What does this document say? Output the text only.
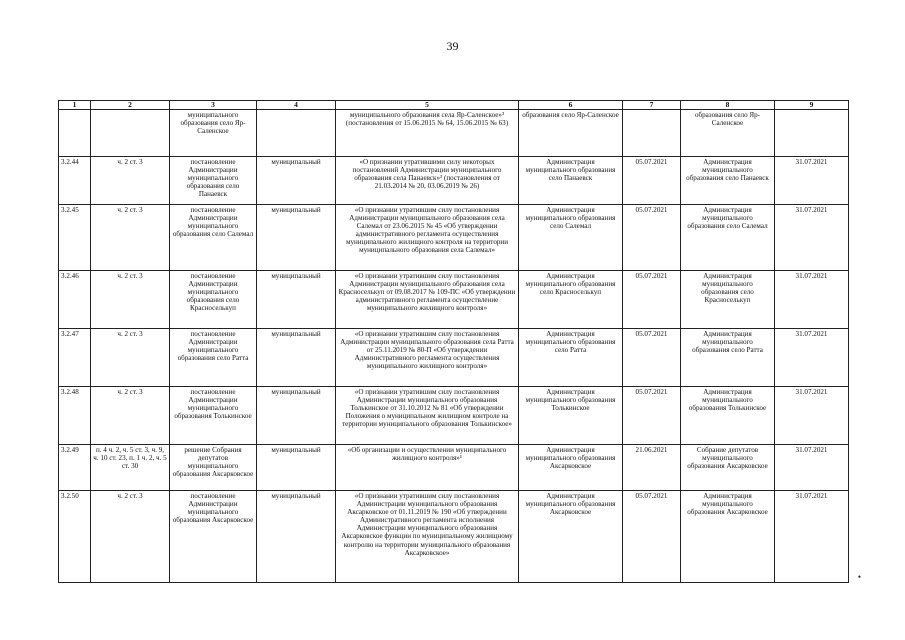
39
1	2	3	4	5	6	7	8	9
		муниципального образования село Яр-Сале́нское		муниципального образования села Яр-Саленское»³ (постановления от 15.06.2015 № 64, 15.06.2015 № 63)	образования село Яр-Саленское		образования село Яр-Саленское	
3.2.44	ч. 2 ст. 3	постановление Администрации муниципального образования село Панаевск	муниципальный	«О признании утратившими силу некоторых постановлений Администрации муниципального образования села Панаевск»³ (постановления от 21.03.2014 № 20, 03.06.2019 № 26)	Администрация муниципального образования село Панаевск	05.07.2021	Администрация муниципального образования село Панаевск	31.07.2021
3.2.45	ч. 2 ст. 3	постановление Администрации муниципального образования село Салемал	муниципальный	«О признании утратившим силу постановления Администрации муниципального образования села Салемал от 23.06.2015 № 45 «Об утверждении административного регламента осуществления муниципального жилищного контроля на территории муниципального образования села Салемал»	Администрация муниципального образования село Салемал	05.07.2021	Администрация муниципального образования село Салемал	31.07.2021
3.2.46	ч. 2 ст. 3	постановление Администрации муниципального образования село Красноселькуп	муниципальный	«О признании утратившим силу постановления Администрации муниципального образования села Красноселькуп от 09.08.2017 № 109-ПС «Об утверждении административного регламента осуществление муниципального жилищного контроля»	Администрация муниципального образования село Красноселькуп	05.07.2021	Администрация муниципального образования село Красноселькуп	31.07.2021
3.2.47	ч. 2 ст. 3	постановление Администрации муниципального образования село Ратта	муниципальный	«О признании утратившим силу постановления Администрации муниципального образования села Ратта от 25.11.2019 № 80-П «Об утверждении Административного регламента осуществления муниципального жилищного контроля»	Администрация муниципального образования село Ратта	05.07.2021	Администрация муниципального образования село Ратта	31.07.2021
3.2.48	ч. 2 ст. 3	постановление Администрации муниципального образования Толькинское	муниципальный	«О признании утратившим силу постановления Администрации муниципального образования Толькинское от 31.10.2012 № 81 «Об утверждении Положения о муниципальном жилищном контроле на территории муниципального образования Толькинское»	Администрация муниципального образования Толькинское	05.07.2021	Администрация муниципального образования Толькинское	31.07.2021
3.2.49	п. 4 ч. 2, ч. 5 ст. 3, ч. 9, ч. 10 ст. 23, п. 1 ч. 2, ч. 5 ст. 30	решение Собрания депутатов муниципального образования Аксарковское	муниципальный	«Об организации и осуществлении муниципального жилищного контроля»¹	Администрация муниципального образования Аксарковское	21.06.2021	Собрание депутатов муниципального образования Аксарковское	31.07.2021
3.2.50	ч. 2 ст. 3	постановление Администрации муниципального образования Аксарковское	муниципальный	«О признании утратившим силу постановления Администрации муниципального образования Аксарковское от 01.11.2019 № 190 «Об утверждении Административного регламента исполнения Администрации муниципального образования Аксарковское функции по муниципальному жилищному контролю на территории муниципального образования Аксарковское»	Администрация муниципального образования Аксарковское	05.07.2021	Администрация муниципального образования Аксарковское	31.07.2021
•
